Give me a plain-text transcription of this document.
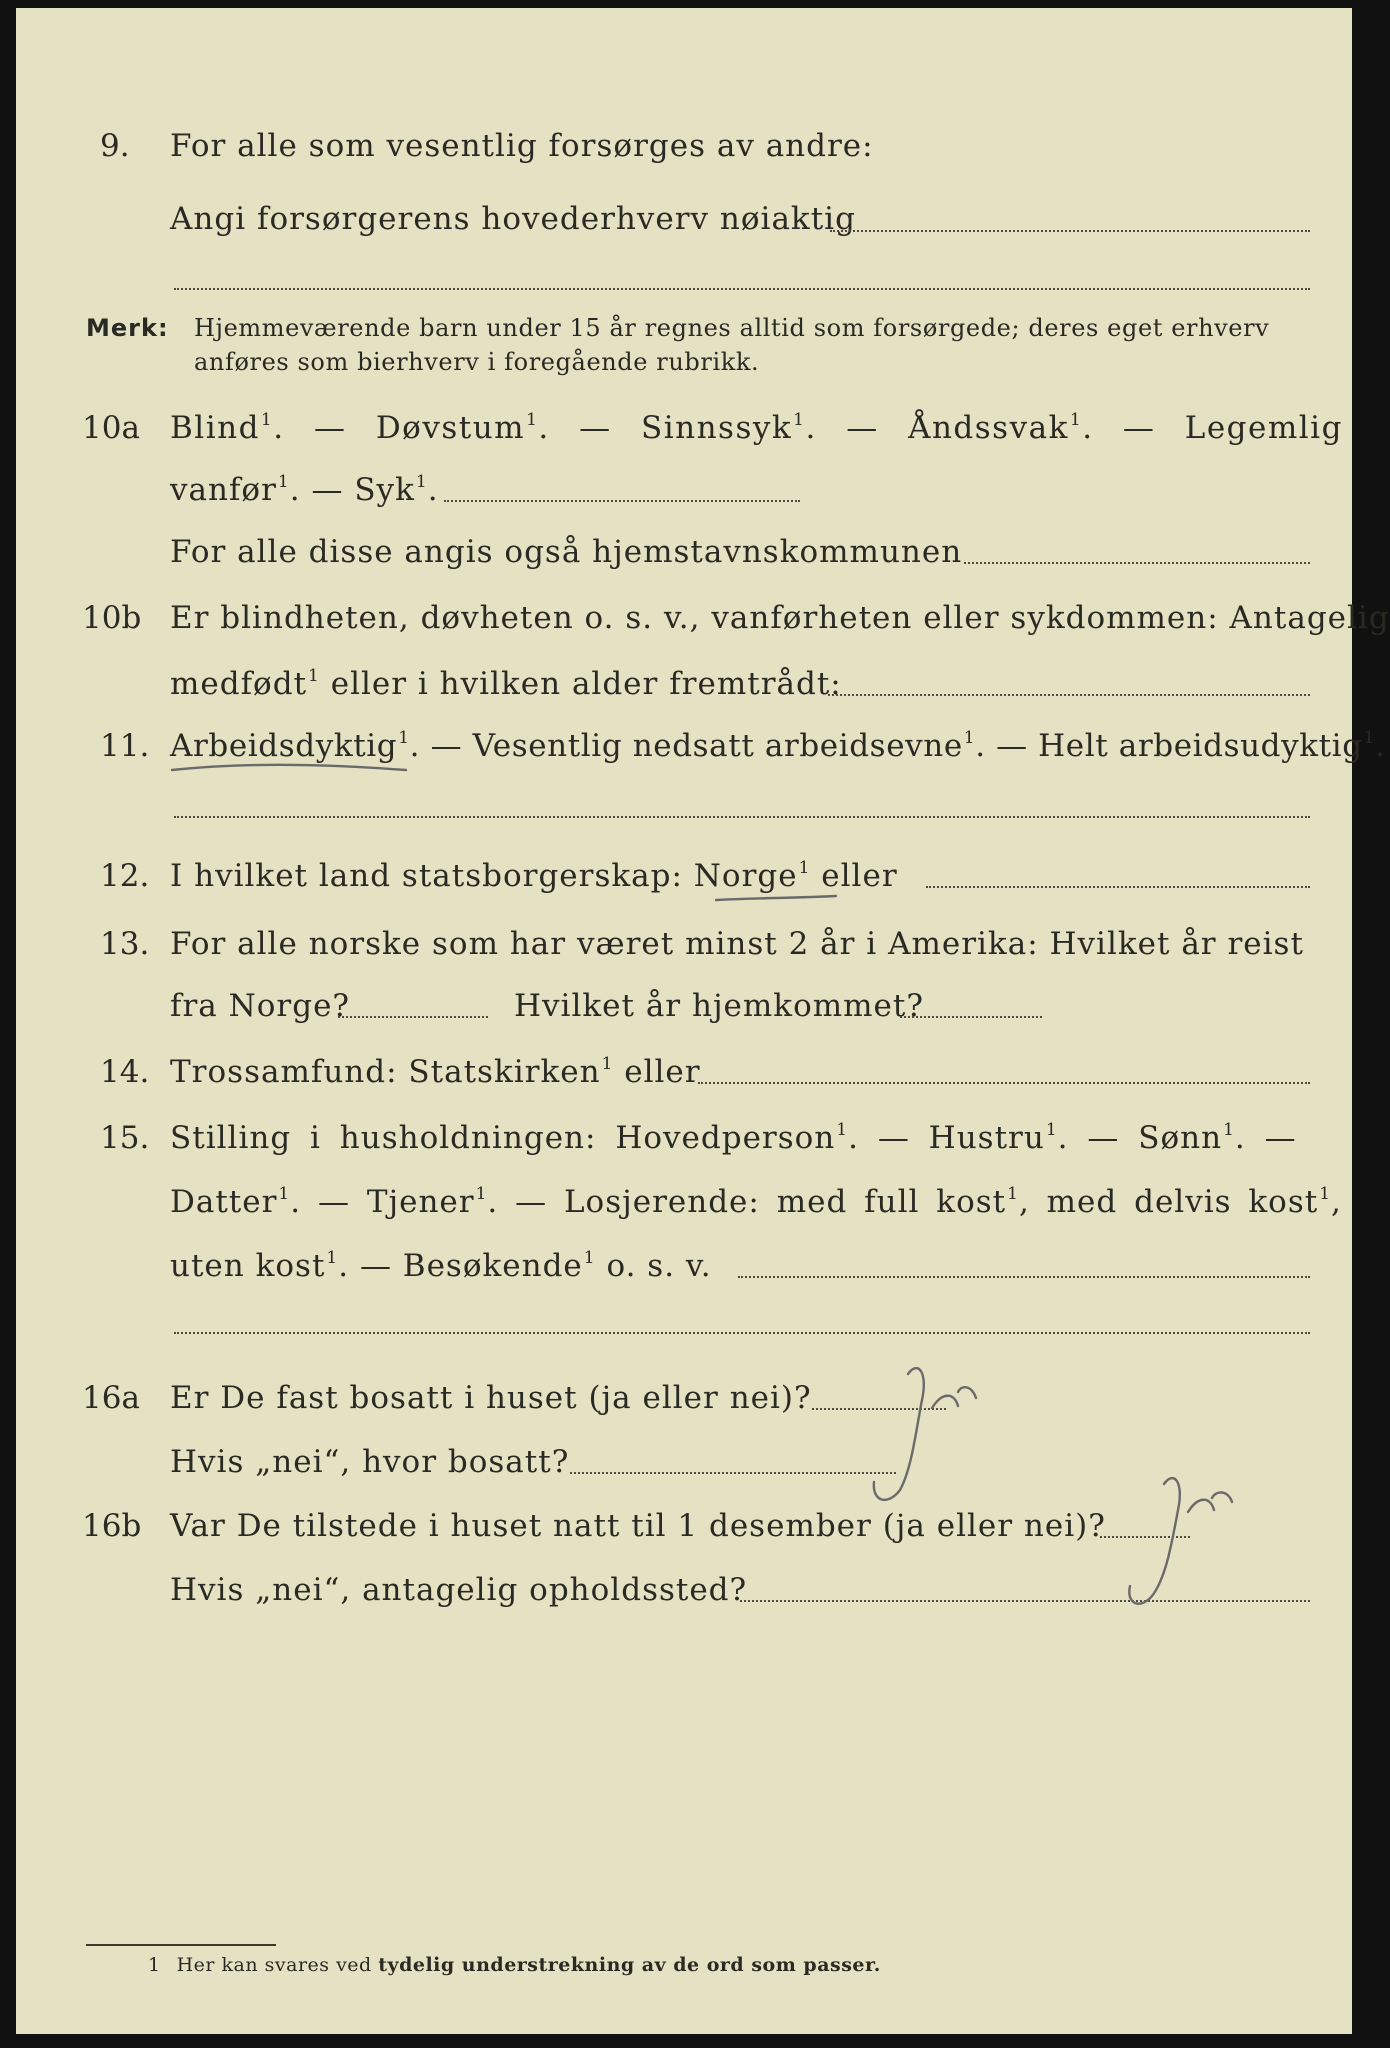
9. For alle som vesentlig forsørges av andre:
Angi forsørgerens hovederhverv nøiaktig
Merk: Hjemmeværende barn under 15 år regnes alltid som forsørgede; deres eget erhverv
anføres som bierhverv i foregående rubrikk.
10a Blind$^1$. — Døvstum$^1$. — Sinnssyk$^1$. — Åndssvak$^1$. — Legemlig
vanfør$^1$. — Syk$^1$.
For alle disse angis også hjemstavnskommunen
10b Er blindheten, døvheten o. s. v., vanførheten eller sykdommen: Antagelig
medfødt$^1$ eller i hvilken alder fremtrådt:
11. Arbeidsdyktig$^1$. — Vesentlig nedsatt arbeidsevne$^1$. — Helt arbeidsudyktig$^1$.
12. I hvilket land statsborgerskap: Norge$^1$ eller
13. For alle norske som har været minst 2 år i Amerika: Hvilket år reist
fra Norge?	Hvilket år hjemkommet?
14. Trossamfund: Statskirken$^1$ eller
15. Stilling i husholdningen: Hovedperson$^1$. — Hustru$^1$. — Sønn$^1$. —
Datter$^1$. — Tjener$^1$. — Losjerende: med full kost$^1$, med delvis kost$^1$,
uten kost$^1$. — Besøkende$^1$ o. s. v.
16a Er De fast bosatt i huset (ja eller nei)?
Hvis „nei“, hvor bosatt?
16b Var De tilstede i huset natt til 1 desember (ja eller nei)?
Hvis „nei“, antagelig opholdssted?
1 Her kan svares ved tydelig understrekning av de ord som passer.
